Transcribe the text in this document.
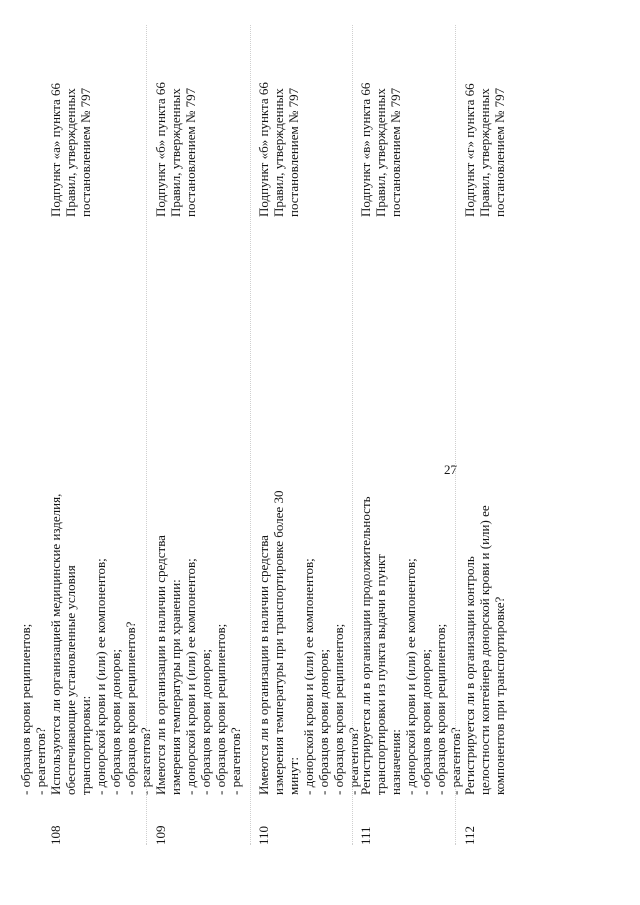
27
- образцов крови реципиентов; - реагентов?
108
Используются ли организацией медицинские изделия, обеспечивающие установленные условия транспортировки: - донорской крови и (или) ее компонентов; - образцов крови доноров; - образцов крови реципиентов? - реагентов?
Подпункт «а» пункта 66 Правил, утвержденных постановлением № 797
109
Имеются ли в организации в наличии средства измерения температуры при хранении: - донорской крови и (или) ее компонентов; - образцов крови доноров; - образцов крови реципиентов; - реагентов?
Подпункт «б» пункта 66 Правил, утвержденных постановлением № 797
110
Имеются ли в организации в наличии средства измерения температуры при транспортировке более 30 минут: - донорской крови и (или) ее компонентов; - образцов крови доноров; - образцов крови реципиентов; - реагентов?
Подпункт «б» пункта 66 Правил, утвержденных постановлением № 797
111
Регистрируется ли в организации продолжительность транспортировки из пункта выдачи в пункт назначения: - донорской крови и (или) ее компонентов; - образцов крови доноров; - образцов крови реципиентов; - реагентов?
Подпункт «в» пункта 66 Правил, утвержденных постановлением № 797
112
Регистрируется ли в организации контроль целостности контейнера донорской крови и (или) ее компонентов при транспортировке?
Подпункт «г» пункта 66 Правил, утвержденных постановлением № 797
